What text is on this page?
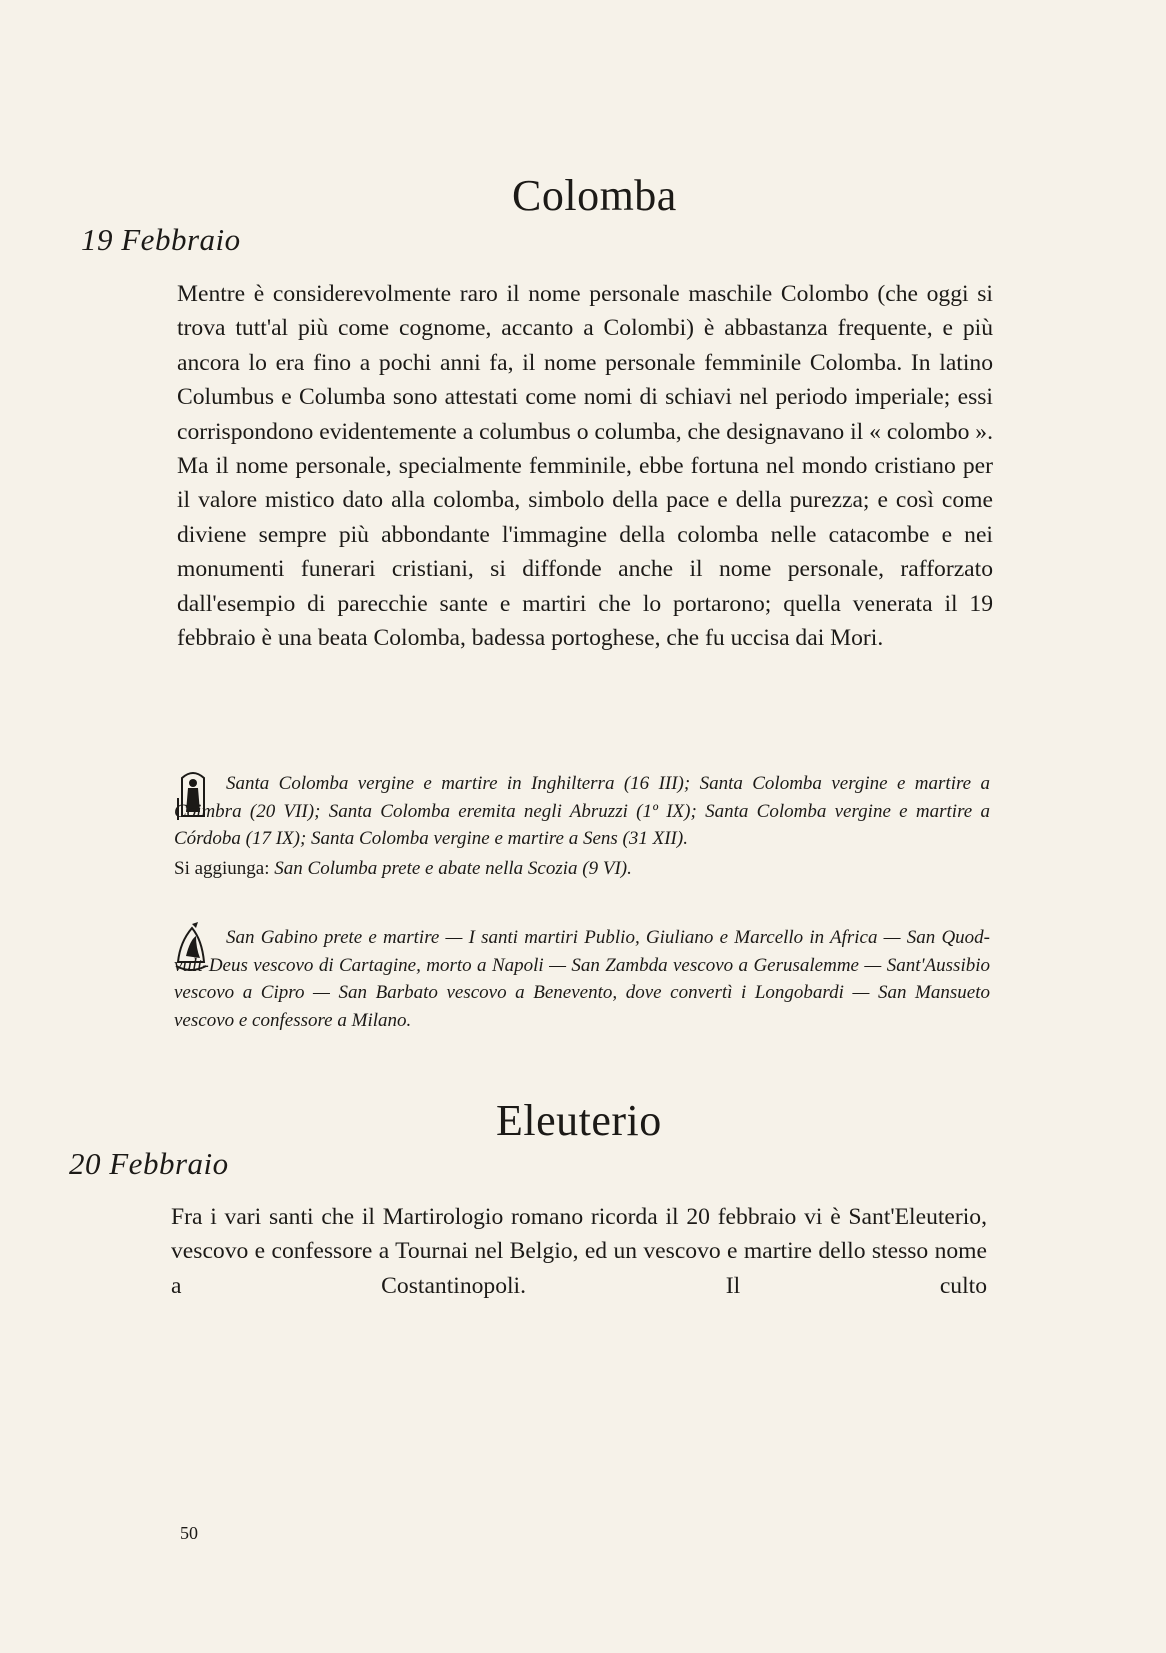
Colomba
19 Febbraio

Mentre è considerevolmente raro il nome personale maschile Colombo (che oggi si trova tutt'al più come cognome, accanto a Colombi) è abbastanza frequente, e più ancora lo era fino a pochi anni fa, il nome personale femminile Colomba. In latino Columbus e Columba sono attestati come nomi di schiavi nel periodo imperiale; essi corrispondono evidentemente a columbus o columba, che designavano il « colombo ». Ma il nome personale, specialmente femminile, ebbe fortuna nel mondo cristiano per il valore mistico dato alla colomba, simbolo della pace e della purezza; e così come diviene sempre più abbondante l'immagine della colomba nelle catacombe e nei monumenti funerari cristiani, si diffonde anche il nome personale, rafforzato dall'esempio di parecchie sante e martiri che lo portarono; quella venerata il 19 febbraio è una beata Colomba, badessa portoghese, che fu uccisa dai Mori.

Santa Colomba vergine e martire in Inghilterra (16 III); Santa Colomba vergine e martire a Coimbra (20 VII); Santa Colomba eremita negli Abruzzi (1º IX); Santa Colomba vergine e martire a Córdoba (17 IX); Santa Colomba vergine e martire a Sens (31 XII).

Si aggiunga: San Columba prete e abate nella Scozia (9 VI).

San Gabino prete e martire — I santi martiri Publio, Giuliano e Marcello in Africa — San Quod-vult-Deus vescovo di Cartagine, morto a Napoli — San Zambda vescovo a Gerusalemme — Sant'Aussibio vescovo a Cipro — San Barbato vescovo a Benevento, dove convertì i Longobardi — San Mansueto vescovo e confessore a Milano.

Eleuterio
20 Febbraio

Fra i vari santi che il Martirologio romano ricorda il 20 febbraio vi è Sant'Eleuterio, vescovo e confessore a Tournai nel Belgio, ed un vescovo e martire dello stesso nome a Costantinopoli. Il culto

50
